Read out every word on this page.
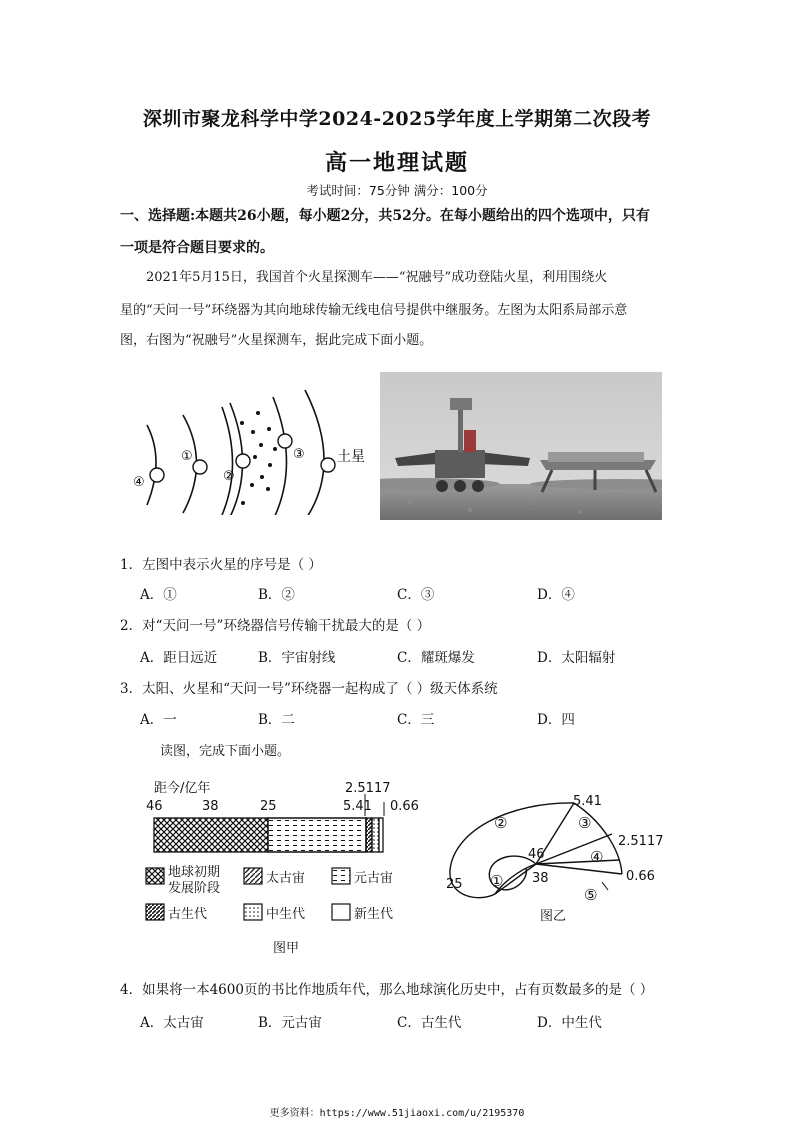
深圳市聚龙科学中学2024-2025学年度上学期第二次段考
高一地理试题
考试时间：75分钟 满分：100分
一、选择题:本题共26小题，每小题2分，共52分。在每小题给出的四个选项中，只有
一项是符合题目要求的。
2021年5月15日，我国首个火星探测车——“祝融号”成功登陆火星，利用围绕火
星的“天问一号”环绕器为其向地球传输无线电信号提供中继服务。左图为太阳系局部示意
图，右图为“祝融号”火星探测车，据此完成下面小题。
④
①
②
③ 土星
1．左图中表示火星的序号是（ ）
A．①	B．②	C．③	D．④
2．对“天问一号”环绕器信号传输干扰最大的是（ ）
A．距日远近	B．宇宙射线	C．耀斑爆发	D．太阳辐射
3．太阳、火星和“天问一号”环绕器一起构成了（ ）级天体系统
A．一	B．二	C．三	D．四
读图，完成下面小题。
距今/亿年	2.5117
46	38	25	5.41 0.66
地球初期
发展阶段
太古宙	元古宙
古生代	中生代	新生代
图甲
5.41
2.5117
0.66
46
38
25
②	③
④
①
⑤
图乙
4．如果将一本4600页的书比作地质年代，那么地球演化历史中，占有页数最多的是（ ）
A．太古宙	B．元古宙	C．古生代	D．中生代
更多资料：https://www.51jiaoxi.com/u/2195370
